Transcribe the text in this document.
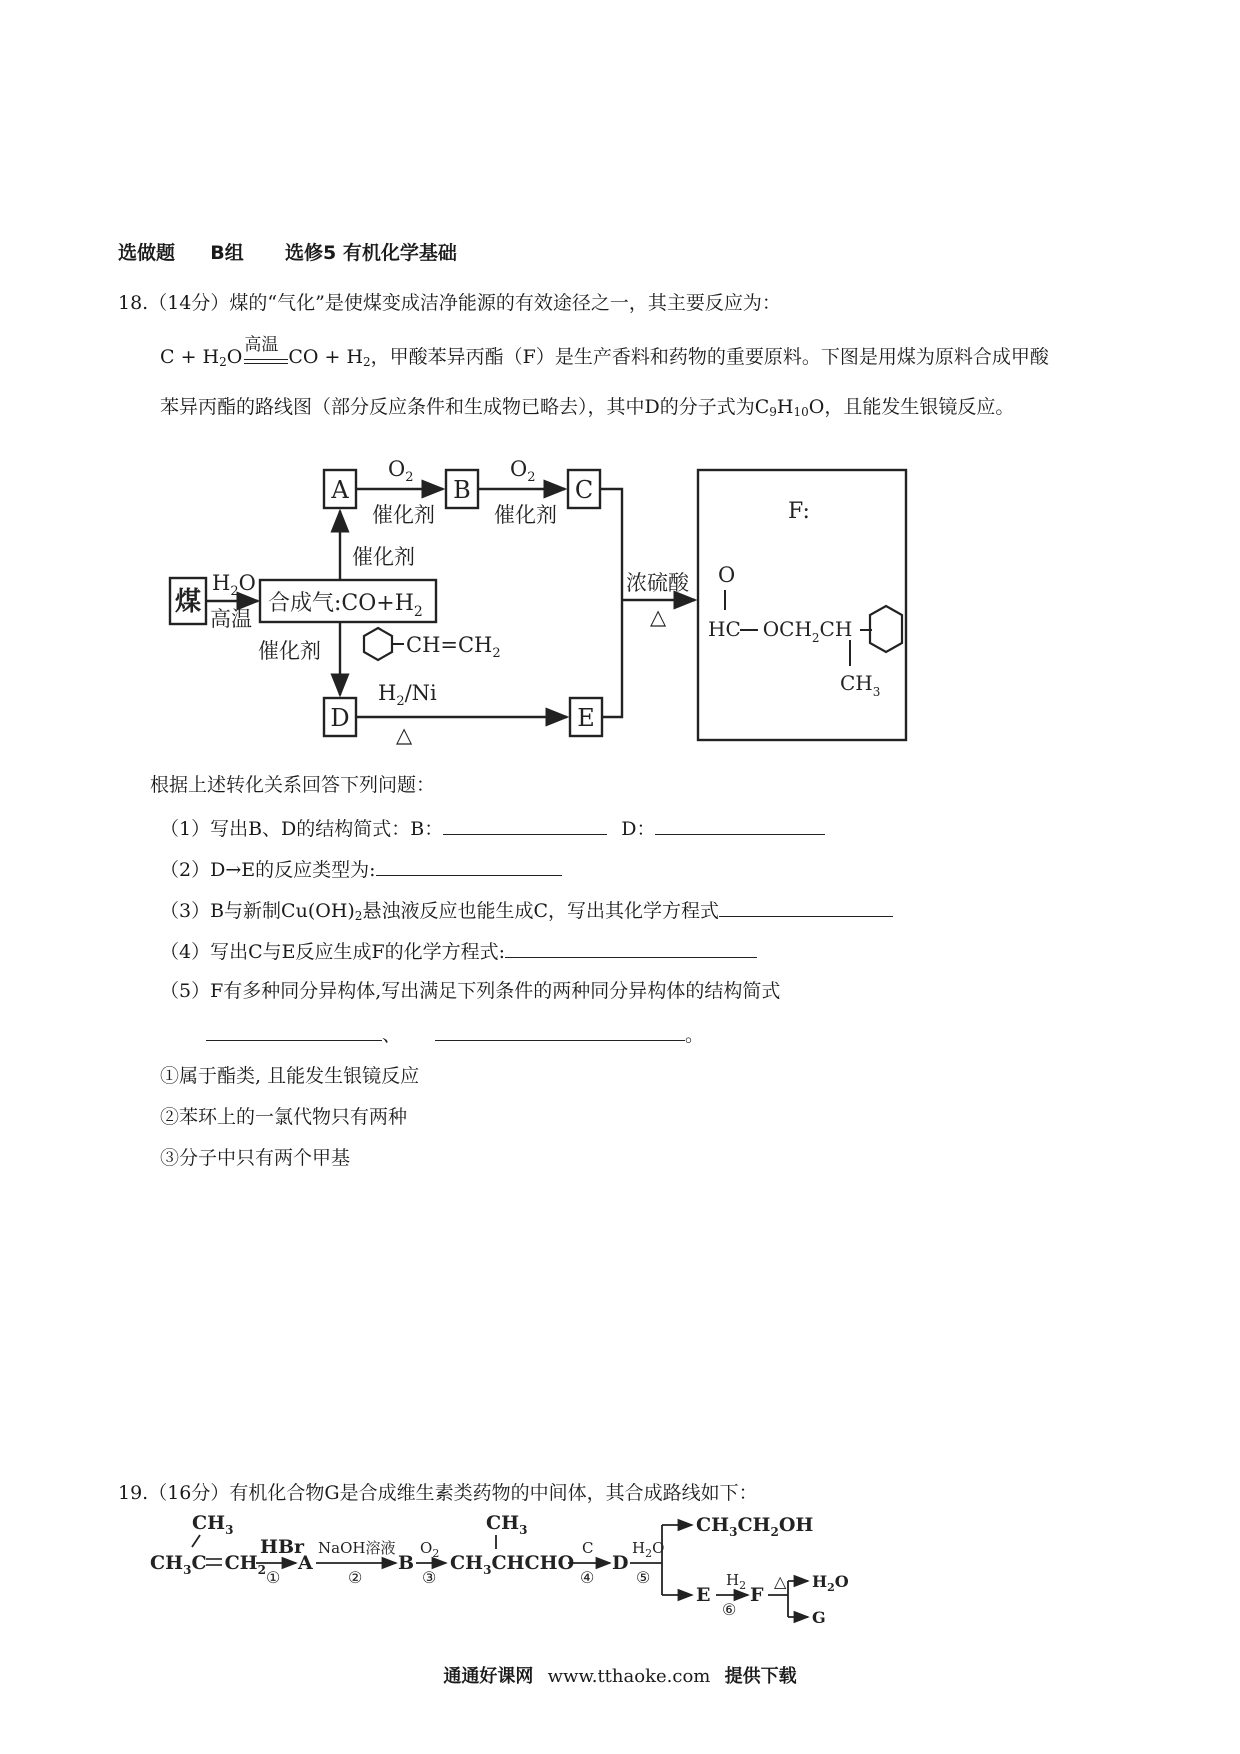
选做题 B组 选修5 有机化学基础
18.（14分）煤的“气化”是使煤变成洁净能源的有效途径之一，其主要反应为：
$C + H_2O$
高温
CO + $H_2$，甲酸苯异丙酯（F）是生产香料和药物的重要原料。下图是用煤为原料合成甲酸
苯异丙酯的路线图（部分反应条件和生成物已略去），其中D的分子式为$C_9H_{10}O$，且能发生银镜反应。
煤	合成气$:CO+H_2$
A	B	C
D	E
$H_2O$
高温
$O_2$
催化剂
$O_2$
催化剂
催化剂
催化剂	$CH=CH_2$
$H_2/Ni$
△
浓硫酸
△
F:
O
HC $OCH_2CH$
$CH_3$
根据上述转化关系回答下列问题：
（1）写出B、D的结构简式：B：	D：
（2）D→E的反应类型为:
（3）B与新制$Cu(OH)_2$悬浊液反应也能生成C，写出其化学方程式
（4）写出C与E反应生成F的化学方程式:
（5）F有多种同分异构体,写出满足下列条件的两种同分异构体的结构简式
、	。
①属于酯类, 且能发生银镜反应
②苯环上的一氯代物只有两种
③分子中只有两个甲基
19.（16分）有机化合物G是合成维生素类药物的中间体，其合成路线如下：
$CH_3$
$CH_3C$ $CH_2$
HBr
①
A
NaOH溶液
②
B
$O_2$
③
$CH_3$
$CH_3CHCHO$
C
④
D
$H_2O$
⑤
$CH_3CH_2OH$
E
$H_2$
⑥
F
△ $H_2O$
G
通通好课网 www.tthaoke.com 提供下载
